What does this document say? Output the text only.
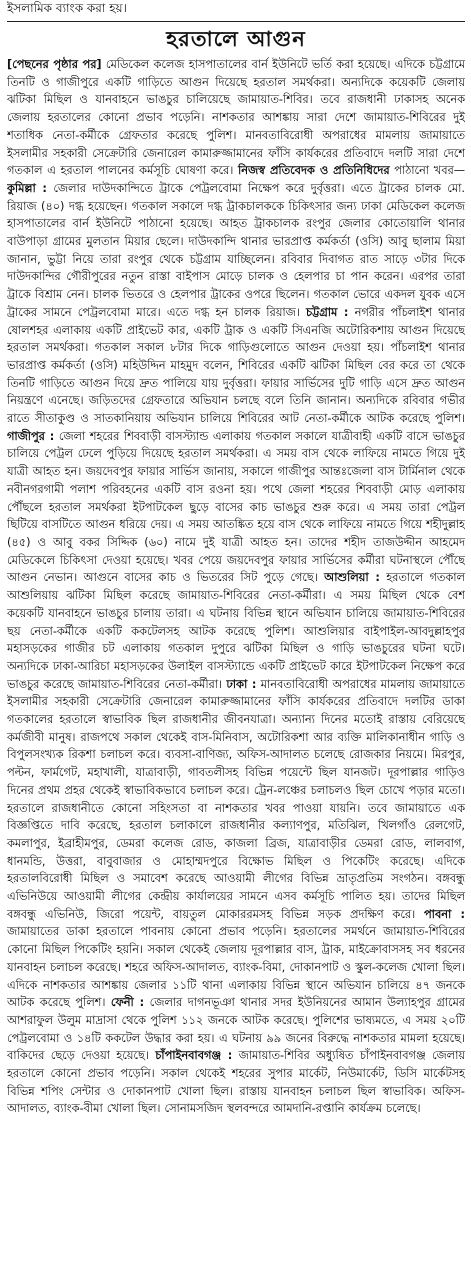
ইসলামিক ব্যাংক করা হয়।
হরতালে আগুন
[পেছনের পৃষ্ঠার পর] মেডিকেল কলেজ হাসপাতালের বার্ন ইউনিটে ভর্তি করা হয়েছে। এদিকে চট্টগ্রামে তিনটি ও গাজীপুরে একটি গাড়িতে আগুন দিয়েছে হরতাল সমর্থকরা। অন্যদিকে কয়েকটি জেলায় ঝটিকা মিছিল ও যানবাহনে ভাঙচুর চালিয়েছে জামায়াত-শিবির। তবে রাজধানী ঢাকাসহ অনেক জেলায় হরতালের কোনো প্রভাব পড়েনি। নাশকতার আশঙ্কায় সারা দেশে জামায়াত-শিবিরের দুই শতাধিক নেতা-কর্মীকে গ্রেফতার করেছে পুলিশ। মানবতাবিরোধী অপরাধের মামলায় জামায়াতে ইসলামীর সহকারী সেক্রেটারি জেনারেল কামারুজ্জামানের ফাঁসি কার্যকরের প্রতিবাদে দলটি সারা দেশে গতকাল এ হরতাল পালনের কর্মসূচি ঘোষণা করে। নিজস্ব প্রতিবেদক ও প্রতিনিধিদের পাঠানো খবর— কুমিল্লা : জেলার দাউদকান্দিতে ট্রাকে পেট্রলবোমা নিক্ষেপ করে দুর্বৃত্তরা। এতে ট্রাকের চালক মো. রিয়াজ (৪০) দগ্ধ হয়েছেন। গতকাল সকালে দগ্ধ ট্রাকচালককে চিকিৎসার জন্য ঢাকা মেডিকেল কলেজ হাসপাতালের বার্ন ইউনিটে পাঠানো হয়েছে। আহত ট্রাকচালক রংপুর জেলার কোতোয়ালি থানার বাউপাড়া গ্রামের মুলতান মিয়ার ছেলে। দাউদকান্দি থানার ভারপ্রাপ্ত কর্মকর্তা (ওসি) আবু ছালাম মিয়া জানান, ভুট্টা নিয়ে তারা রংপুর থেকে চট্টগ্রাম যাচ্ছিলেন। রবিবার দিবাগত রাত সাড়ে ৩টার দিকে দাউদকান্দির গৌরীপুরের নতুন রাস্তা বাইপাস মোড়ে চালক ও হেলপার চা পান করেন। এরপর তারা ট্রাকে বিশ্রাম নেন। চালক ভিতরে ও হেলপার ট্রাকের ওপরে ছিলেন। গতকাল ভোরে একদল যুবক এসে ট্রাকের সামনে পেট্রলবোমা মারে। এতে দগ্ধ হন চালক রিয়াজ। চট্টগ্রাম : নগরীর পাঁচলাইশ থানার ষোলশহর এলাকায় একটি প্রাইভেট কার, একটি ট্রাক ও একটি সিএনজি অটোরিকশায় আগুন দিয়েছে হরতাল সমর্থকরা। গতকাল সকাল ৮টার দিকে গাড়িগুলোতে আগুন দেওয়া হয়। পাঁচলাইশ থানার ভারপ্রাপ্ত কর্মকর্তা (ওসি) মহিউদ্দিন মাহমুদ বলেন, শিবিরের একটি ঝটিকা মিছিল বের করে তা থেকে তিনটি গাড়িতে আগুন দিয়ে দ্রুত পালিয়ে যায় দুর্বৃত্তরা। ফায়ার সার্ভিসের দুটি গাড়ি এসে দ্রুত আগুন নিয়ন্ত্রণে এনেছে। জড়িতদের গ্রেফতারে অভিযান চলছে বলে তিনি জানান। অন্যদিকে রবিবার গভীর রাতে সীতাকুণ্ড ও সাতকানিয়ায় অভিযান চালিয়ে শিবিরের আট নেতা-কর্মীকে আটক করেছে পুলিশ। গাজীপুর : জেলা শহরের শিববাড়ী বাসস্ট্যান্ড এলাকায় গতকাল সকালে যাত্রীবাহী একটি বাসে ভাঙচুর চালিয়ে পেট্রল ঢেলে পুড়িয়ে দিয়েছে হরতাল সমর্থকরা। এ সময় বাস থেকে লাফিয়ে নামতে গিয়ে দুই যাত্রী আহত হন। জয়দেবপুর ফায়ার সার্ভিস জানায়, সকালে গাজীপুর আন্তঃজেলা বাস টার্মিনাল থেকে নবীনগরগামী পলাশ পরিবহনের একটি বাস রওনা হয়। পথে জেলা শহরের শিববাড়ী মোড় এলাকায় পৌঁছলে হরতাল সমর্থকরা ইটপাটকেল ছুড়ে বাসের কাচ ভাঙচুর শুরু করে। এ সময় তারা পেট্রল ছিটিয়ে বাসটিতে আগুন ধরিয়ে দেয়। এ সময় আতঙ্কিত হয়ে বাস থেকে লাফিয়ে নামতে গিয়ে শহীদুল্লাহ (৪৫) ও আবু বকর সিদ্দিক (৬০) নামে দুই যাত্রী আহত হন। তাদের শহীদ তাজউদ্দীন আহমেদ মেডিকেলে চিকিৎসা দেওয়া হয়েছে। খবর পেয়ে জয়দেবপুর ফায়ার সার্ভিসের কর্মীরা ঘটনাস্থলে পৌঁছে আগুন নেভান। আগুনে বাসের কাচ ও ভিতরের সিট পুড়ে গেছে। আশুলিয়া : হরতালে গতকাল আশুলিয়ায় ঝটিকা মিছিল করেছে জামায়াত-শিবিরের নেতা-কর্মীরা। এ সময় মিছিল থেকে বেশ কয়েকটি যানবাহনে ভাঙচুর চালায় তারা। এ ঘটনায় বিভিন্ন স্থানে অভিযান চালিয়ে জামায়াত-শিবিরের ছয় নেতা-কর্মীকে একটি ককটেলসহ আটক করেছে পুলিশ। আশুলিয়ার বাইপাইল-আবদুল্লাহপুর মহাসড়কের গাজীর চট এলাকায় গতকাল দুপুরে ঝটিকা মিছিল ও গাড়ি ভাঙচুরের ঘটনা ঘটে। অন্যদিকে ঢাকা-আরিচা মহাসড়কের উলাইল বাসস্ট্যান্ডে একটি প্রাইভেট কারে ইটপাটকেল নিক্ষেপ করে ভাঙচুর করেছে জামায়াত-শিবিরের নেতা-কর্মীরা। ঢাকা : মানবতাবিরোধী অপরাধের মামলায় জামায়াতে ইসলামীর সহকারী সেক্রেটারি জেনারেল কামারুজ্জামানের ফাঁসি কার্যকরের প্রতিবাদে দলটির ডাকা গতকালের হরতালে স্বাভাবিক ছিল রাজধানীর জীবনযাত্রা। অন্যান্য দিনের মতোই রাস্তায় বেরিয়েছে কর্মজীবী মানুষ। রাজপথে সকাল থেকেই বাস-মিনিবাস, অটোরিকশা আর ব্যক্তি মালিকানাধীন গাড়ি ও বিপুলসংখ্যক রিকশা চলাচল করে। ব্যবসা-বাণিজ্য, অফিস-আদালত চলেছে রোজকার নিয়মে। মিরপুর, পল্টন, ফার্মগেট, মহাখালী, যাত্রাবাড়ী, গাবতলীসহ বিভিন্ন পয়েন্টে ছিল যানজট। দূরপাল্লার গাড়িও দিনের প্রথম প্রহর থেকেই স্বাভাবিকভাবে চলাচল করে। ট্রেন-লঞ্চের চলাচলও ছিল চোখে পড়ার মতো। হরতালে রাজধানীতে কোনো সহিংসতা বা নাশকতার খবর পাওয়া যায়নি। তবে জামায়াতে এক বিজ্ঞপ্তিতে দাবি করেছে, হরতাল চলাকালে রাজধানীর কল্যাণপুর, মতিঝিল, খিলগাঁও রেলগেট, কমলাপুর, ইব্রাহীমপুর, ডেমরা কলেজ রোড, কাজলা ব্রিজ, যাত্রাবাড়ীর ডেমরা রোড, লালবাগ, ধানমন্ডি, উত্তরা, বাবুবাজার ও মোহাম্মদপুরে বিক্ষোভ মিছিল ও পিকেটিং করেছে। এদিকে হরতালবিরোধী মিছিল ও সমাবেশ করেছে আওয়ামী লীগের বিভিন্ন ভ্রাতৃপ্রতিম সংগঠন। বঙ্গবন্ধু এভিনিউয়ে আওয়ামী লীগের কেন্দ্রীয় কার্যালয়ের সামনে এসব কর্মসূচি পালিত হয়। তাদের মিছিল বঙ্গবন্ধু এভিনিউ, জিরো পয়েন্ট, বায়তুল মোকাররমসহ বিভিন্ন সড়ক প্রদক্ষিণ করে। পাবনা : জামায়াতের ডাকা হরতালে পাবনায় কোনো প্রভাব পড়েনি। হরতালের সমর্থনে জামায়াত-শিবিরের কোনো মিছিল পিকেটিং হয়নি। সকাল থেকেই জেলায় দূরপাল্লার বাস, ট্রাক, মাইক্রোবাসসহ সব ধরনের যানবাহন চলাচল করেছে। শহরে অফিস-আদালত, ব্যাংক-বিমা, দোকানপাট ও স্কুল-কলেজ খোলা ছিল। এদিকে নাশকতার আশঙ্কায় জেলার ১১টি থানা এলাকায় বিভিন্ন স্থানে অভিযান চালিয়ে ৪৭ জনকে আটক করেছে পুলিশ। ফেনী : জেলার দাগনভূঞা থানার সদর ইউনিয়নের আমান উল্যাহপুর গ্রামের আশরাফুল উলুম মাদ্রাসা থেকে পুলিশ ১১২ জনকে আটক করেছে। পুলিশের ভাষ্যমতে, এ সময় ২০টি পেট্রলবোমা ও ১৪টি ককটেল উদ্ধার করা হয়। এ ঘটনায় ৯৯ জনের বিরুদ্ধে নাশকতার মামলা হয়েছে। বাকিদের ছেড়ে দেওয়া হয়েছে। চাঁপাইনবাবগঞ্জ : জামায়াত-শিবির অধ্যুষিত চাঁপাইনবাবগঞ্জ জেলায় হরতালে কোনো প্রভাব পড়েনি। সকাল থেকেই শহরের সুপার মার্কেট, নিউমার্কেট, ডিসি মার্কেটসহ বিভিন্ন শপিং সেন্টার ও দোকানপাট খোলা ছিল। রাস্তায় যানবাহন চলাচল ছিল স্বাভাবিক। অফিস-আদালত, ব্যাংক-বীমা খোলা ছিল। সোনামসজিদ স্থলবন্দরে আমদানি-রপ্তানি কার্যক্রম চলেছে।
